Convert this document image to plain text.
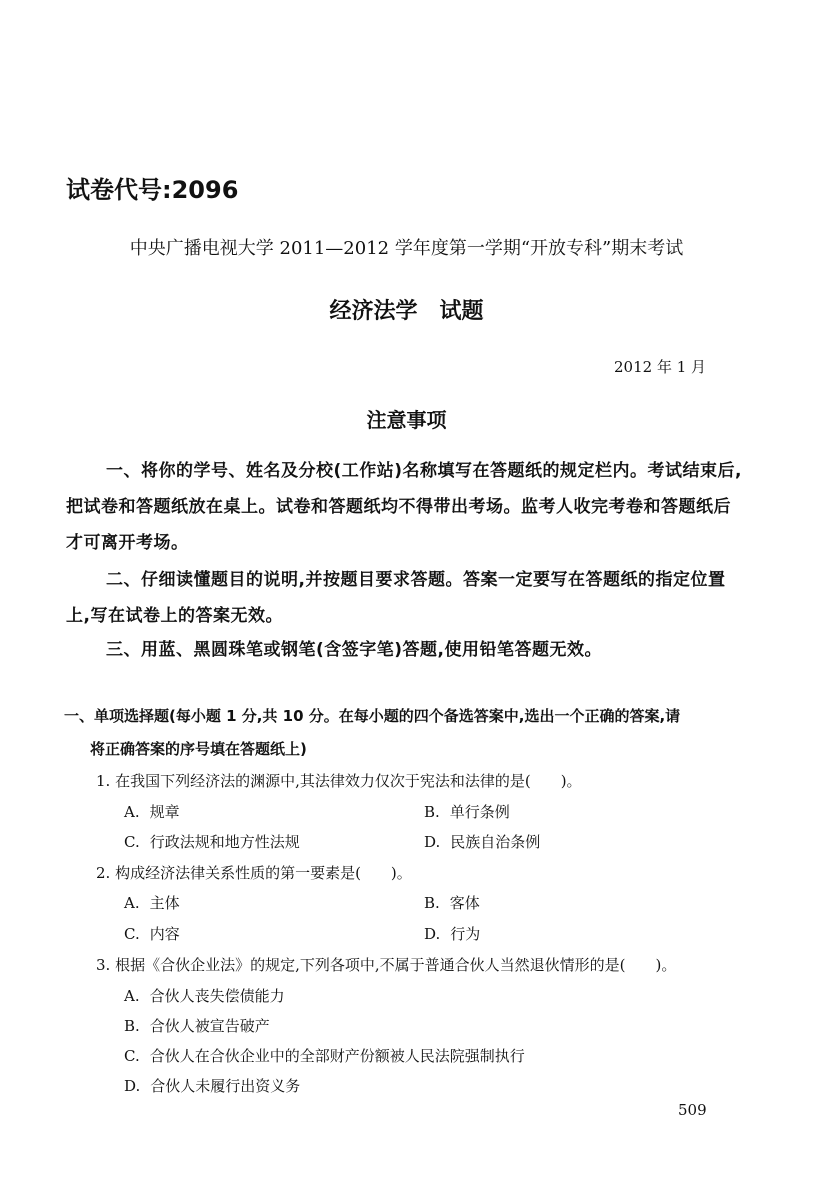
试卷代号:2096
中央广播电视大学 2011—2012 学年度第一学期“开放专科”期末考试
经济法学　试题
2012 年 1 月
注意事项
一、将你的学号、姓名及分校(工作站)名称填写在答题纸的规定栏内。考试结束后,把试卷和答题纸放在桌上。试卷和答题纸均不得带出考场。监考人收完考卷和答题纸后才可离开考场。
二、仔细读懂题目的说明,并按题目要求答题。答案一定要写在答题纸的指定位置上,写在试卷上的答案无效。
三、用蓝、黑圆珠笔或钢笔(含签字笔)答题,使用铅笔答题无效。
一、单项选择题(每小题 1 分,共 10 分。在每小题的四个备选答案中,选出一个正确的答案,请
将正确答案的序号填在答题纸上)
1. 在我国下列经济法的渊源中,其法律效力仅次于宪法和法律的是(　　)。
A. 规章	B. 单行条例
C. 行政法规和地方性法规	D. 民族自治条例
2. 构成经济法律关系性质的第一要素是(　　)。
A. 主体	B. 客体
C. 内容	D. 行为
3. 根据《合伙企业法》的规定,下列各项中,不属于普通合伙人当然退伙情形的是(　　)。
A. 合伙人丧失偿债能力
B. 合伙人被宣告破产
C. 合伙人在合伙企业中的全部财产份额被人民法院强制执行
D. 合伙人未履行出资义务
509
